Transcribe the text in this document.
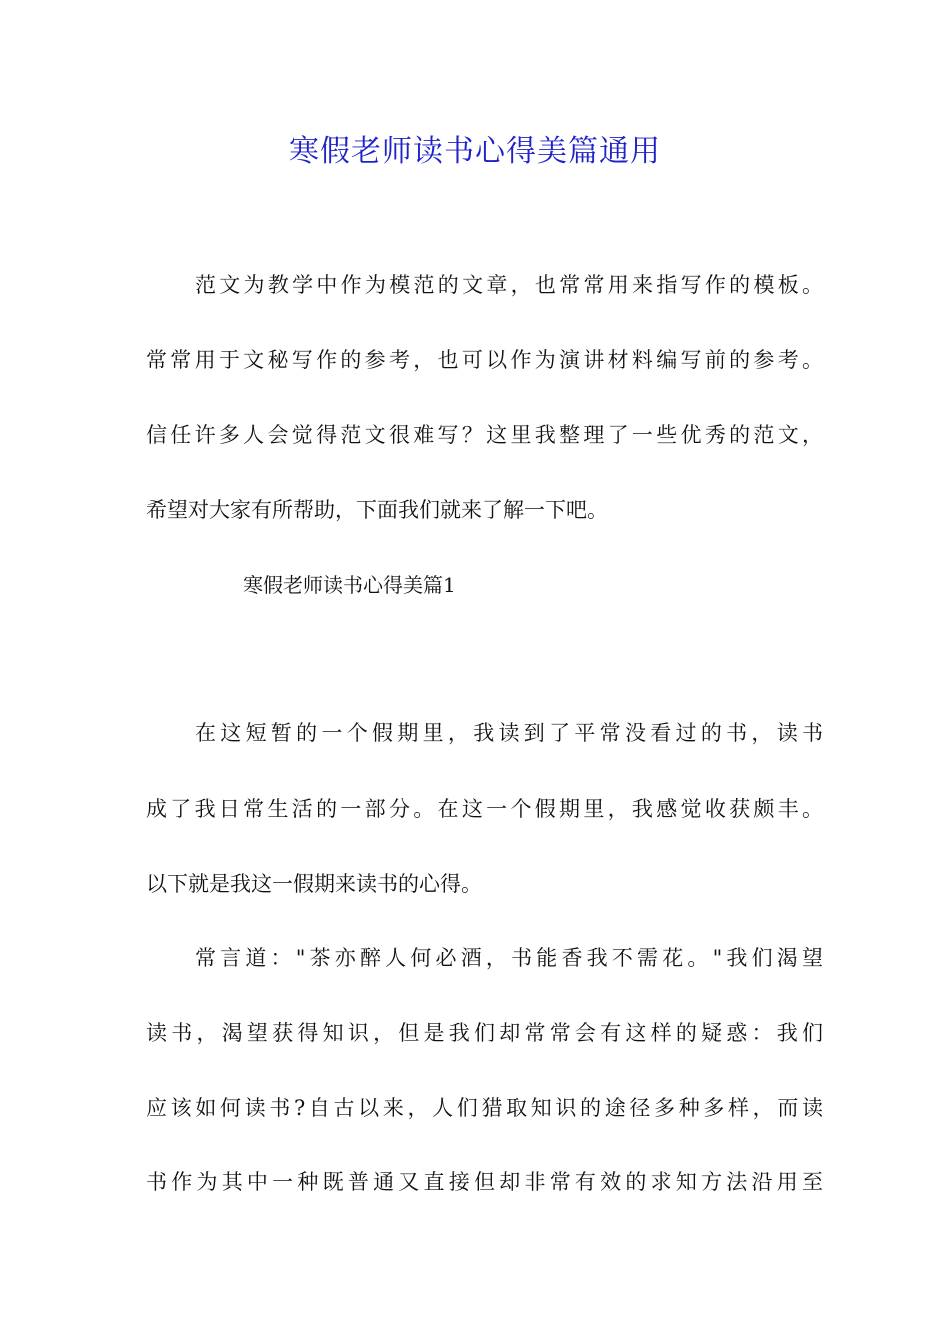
寒假老师读书心得美篇通用
范文为教学中作为模范的文章，也常常用来指写作的模板。
常常用于文秘写作的参考，也可以作为演讲材料编写前的参考。
信任许多人会觉得范文很难写？这里我整理了一些优秀的范文，
希望对大家有所帮助，下面我们就来了解一下吧。
寒假老师读书心得美篇1
在这短暂的一个假期里，我读到了平常没看过的书，读书
成了我日常生活的一部分。在这一个假期里，我感觉收获颇丰。
以下就是我这一假期来读书的心得。
常言道："茶亦醉人何必酒，书能香我不需花。"我们渴望
读书，渴望获得知识，但是我们却常常会有这样的疑惑：我们
应该如何读书?自古以来，人们猎取知识的途径多种多样，而读
书作为其中一种既普通又直接但却非常有效的求知方法沿用至
